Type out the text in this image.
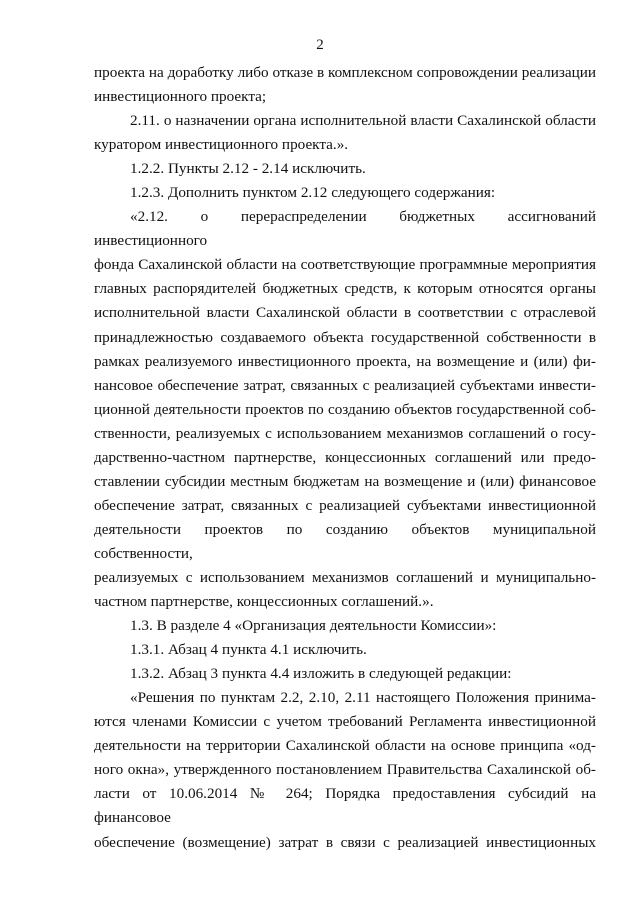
2

проекта на доработку либо отказе в комплексном сопровождении реализации

инвестиционного проекта;

2.11. о назначении органа исполнительной власти Сахалинской области

куратором инвестиционного проекта.».

1.2.2. Пункты 2.12 - 2.14 исключить.

1.2.3. Дополнить пунктом 2.12 следующего содержания:

«2.12. о перераспределении бюджетных ассигнований инвестиционного

фонда Сахалинской области на соответствующие программные мероприятия

главных распорядителей бюджетных средств, к которым относятся органы

исполнительной власти Сахалинской области в соответствии с отраслевой

принадлежностью создаваемого объекта государственной собственности в

рамках реализуемого инвестиционного проекта, на возмещение и (или) фи-

нансовое обеспечение затрат, связанных с реализацией субъектами инвести-

ционной деятельности проектов по созданию объектов государственной соб-

ственности, реализуемых с использованием механизмов соглашений о госу-

дарственно-частном партнерстве, концессионных соглашений или предо-

ставлении субсидии местным бюджетам на возмещение и (или) финансовое

обеспечение затрат, связанных с реализацией субъектами инвестиционной

деятельности проектов по созданию объектов муниципальной собственности,

реализуемых с использованием механизмов соглашений и муниципально-

частном партнерстве, концессионных соглашений.».

1.3. В разделе 4 «Организация деятельности Комиссии»:

1.3.1. Абзац 4 пункта 4.1 исключить.

1.3.2. Абзац 3 пункта 4.4 изложить в следующей редакции:

«Решения по пунктам 2.2, 2.10, 2.11 настоящего Положения принима-

ются членами Комиссии с учетом требований Регламента инвестиционной

деятельности на территории Сахалинской области на основе принципа «од-

ного окна», утвержденного постановлением Правительства Сахалинской об-

ласти от 10.06.2014 № 264; Порядка предоставления субсидий на финансовое

обеспечение (возмещение) затрат в связи с реализацией инвестиционных
